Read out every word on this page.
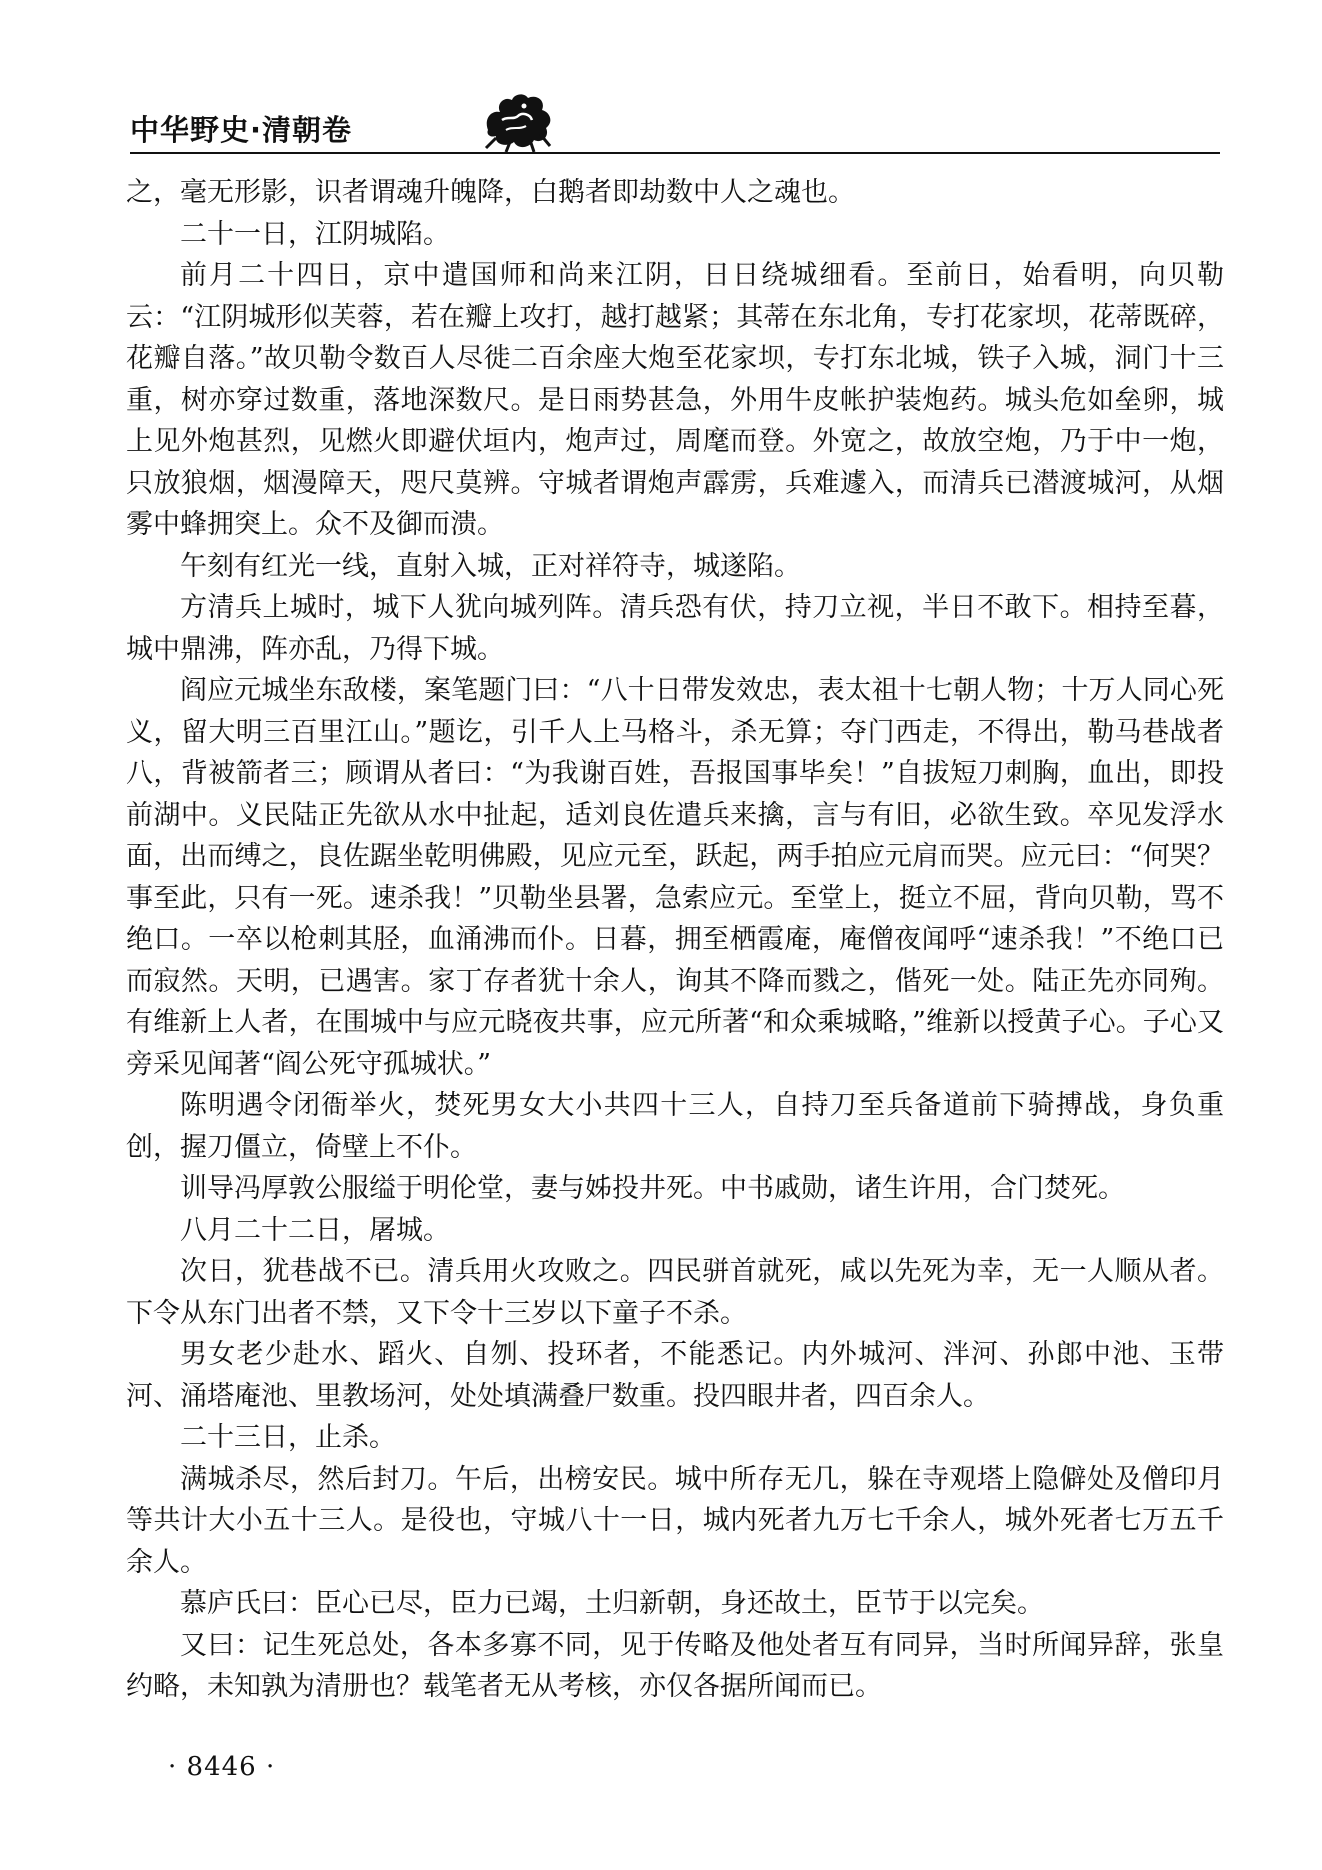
中华野史·清朝卷

之，毫无形影，识者谓魂升魄降，白鹅者即劫数中人之魂也。

二十一日，江阴城陷。

前月二十四日，京中遣国师和尚来江阴，日日绕城细看。至前日，始看明，向贝勒云：“江阴城形似芙蓉，若在瓣上攻打，越打越紧；其蒂在东北角，专打花家坝，花蒂既碎，花瓣自落。”故贝勒令数百人尽徙二百余座大炮至花家坝，专打东北城，铁子入城，洞门十三重，树亦穿过数重，落地深数尺。是日雨势甚急，外用牛皮帐护装炮药。城头危如垒卵，城上见外炮甚烈，见燃火即避伏垣内，炮声过，周麾而登。外宽之，故放空炮，乃于中一炮，只放狼烟，烟漫障天，咫尺莫辨。守城者谓炮声霹雳，兵难遽入，而清兵已潜渡城河，从烟雾中蜂拥突上。众不及御而溃。

午刻有红光一线，直射入城，正对祥符寺，城遂陷。

方清兵上城时，城下人犹向城列阵。清兵恐有伏，持刀立视，半日不敢下。相持至暮，城中鼎沸，阵亦乱，乃得下城。

阎应元城坐东敌楼，案笔题门曰：“八十日带发效忠，表太祖十七朝人物；十万人同心死义，留大明三百里江山。”题讫，引千人上马格斗，杀无算；夺门西走，不得出，勒马巷战者八，背被箭者三；顾谓从者曰：“为我谢百姓，吾报国事毕矣！”自拔短刀刺胸，血出，即投前湖中。义民陆正先欲从水中扯起，适刘良佐遣兵来擒，言与有旧，必欲生致。卒见发浮水面，出而缚之，良佐踞坐乾明佛殿，见应元至，跃起，两手拍应元肩而哭。应元曰：“何哭？事至此，只有一死。速杀我！”贝勒坐县署，急索应元。至堂上，挺立不屈，背向贝勒，骂不绝口。一卒以枪刺其胫，血涌沸而仆。日暮，拥至栖霞庵，庵僧夜闻呼“速杀我！”不绝口已而寂然。天明，已遇害。家丁存者犹十余人，询其不降而戮之，偕死一处。陆正先亦同殉。有维新上人者，在围城中与应元晓夜共事，应元所著“和众乘城略，”维新以授黄子心。子心又旁采见闻著“阎公死守孤城状。”

陈明遇令闭衙举火，焚死男女大小共四十三人，自持刀至兵备道前下骑搏战，身负重创，握刀僵立，倚壁上不仆。

训导冯厚敦公服缢于明伦堂，妻与姊投井死。中书戚勋，诸生许用，合门焚死。

八月二十二日，屠城。

次日，犹巷战不已。清兵用火攻败之。四民骈首就死，咸以先死为幸，无一人顺从者。下令从东门出者不禁，又下令十三岁以下童子不杀。

男女老少赴水、蹈火、自刎、投环者，不能悉记。内外城河、泮河、孙郎中池、玉带河、涌塔庵池、里教场河，处处填满叠尸数重。投四眼井者，四百余人。

二十三日，止杀。

满城杀尽，然后封刀。午后，出榜安民。城中所存无几，躲在寺观塔上隐僻处及僧印月等共计大小五十三人。是役也，守城八十一日，城内死者九万七千余人，城外死者七万五千余人。

慕庐氏曰：臣心已尽，臣力已竭，土归新朝，身还故土，臣节于以完矣。

又曰：记生死总处，各本多寡不同，见于传略及他处者互有同异，当时所闻异辞，张皇约略，未知孰为清册也？载笔者无从考核，亦仅各据所闻而已。

· 8446 ·
